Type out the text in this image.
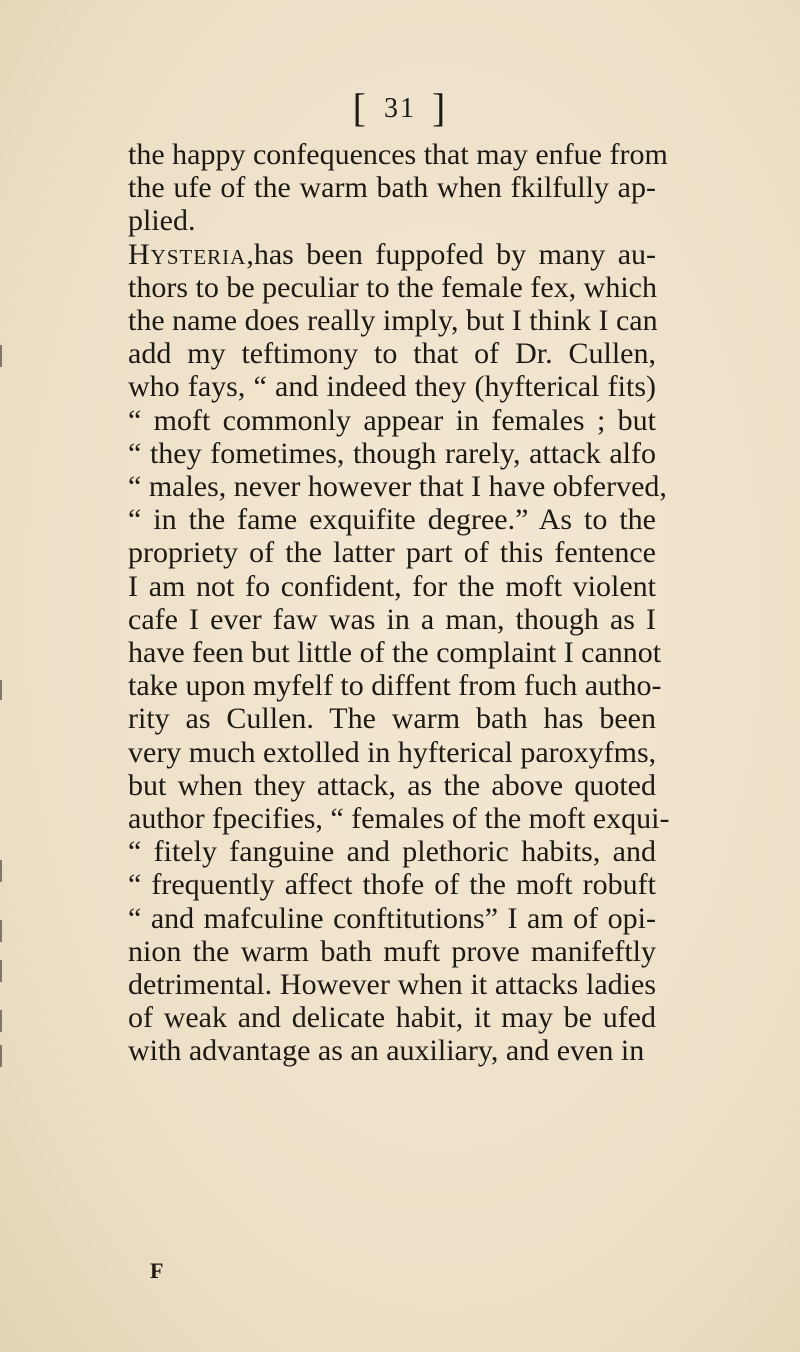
[ 31 ]
the happy confequences that may enfue from
the ufe of the warm bath when fkilfully ap-
plied.
Hysteria,has been fuppofed by many au-
thors to be peculiar to the female fex, which
the name does really imply, but I think I can
add my teftimony to that of Dr. Cullen,
who fays, “ and indeed they (hyfterical fits)
“ moft commonly appear in females ; but
“ they fometimes, though rarely, attack alfo
“ males, never however that I have obferved,
“ in the fame exquifite degree.” As to the
propriety of the latter part of this fentence
I am not fo confident, for the moft violent
cafe I ever faw was in a man, though as I
have feen but little of the complaint I cannot
take upon myfelf to diffent from fuch autho-
rity as Cullen. The warm bath has been
very much extolled in hyfterical paroxyfms,
but when they attack, as the above quoted
author fpecifies, “ females of the moft exqui-
“ fitely fanguine and plethoric habits, and
“ frequently affect thofe of the moft robuft
“ and mafculine conftitutions” I am of opi-
nion the warm bath muft prove manifeftly
detrimental. However when it attacks ladies
of weak and delicate habit, it may be ufed
with advantage as an auxiliary, and even in
F
